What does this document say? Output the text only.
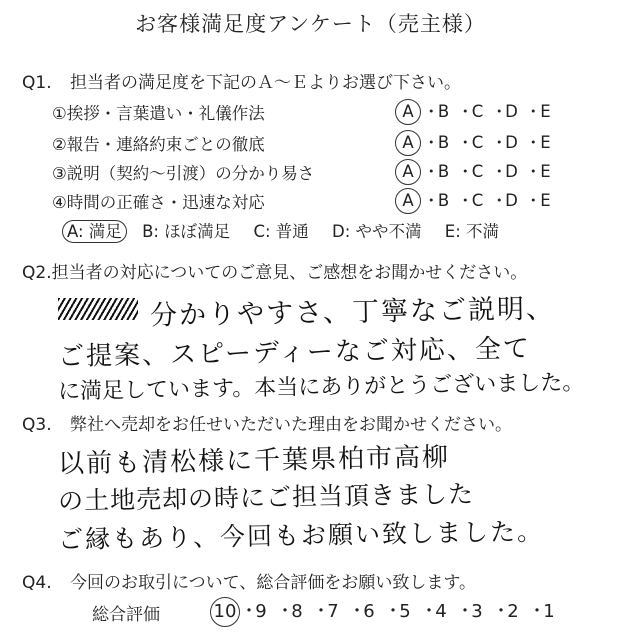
お客様満足度アンケート（売主様）
Q1. 担当者の満足度を下記のＡ～Ｅよりお選び下さい。
①挨拶・言葉遣い・礼儀作法	A ・B ・C ・D ・E
②報告・連絡約束ごとの徹底	A ・B ・C ・D ・E
③説明（契約～引渡）の分かり易さ	A ・B ・C ・D ・E
④時間の正確さ・迅速な対応	A ・B ・C ・D ・E
A: 満足 B: ほぼ満足 C: 普通 D: やや不満 E: 不満
Q2.担当者の対応についてのご意見、ご感想をお聞かせください。
分かりやすさ、丁寧なご説明、
ご提案、スピーディーなご対応、全て
に満足しています。本当にありがとうございました。
Q3. 弊社へ売却をお任せいただいた理由をお聞かせください。
以前も清松様に千葉県柏市高柳
の土地売却の時にご担当頂きました
ご縁もあり、今回もお願い致しました。
Q4. 今回のお取引について、総合評価をお願い致します。
総合評価	10 ・9 ・8 ・7 ・6 ・5 ・4 ・3 ・2 ・1
